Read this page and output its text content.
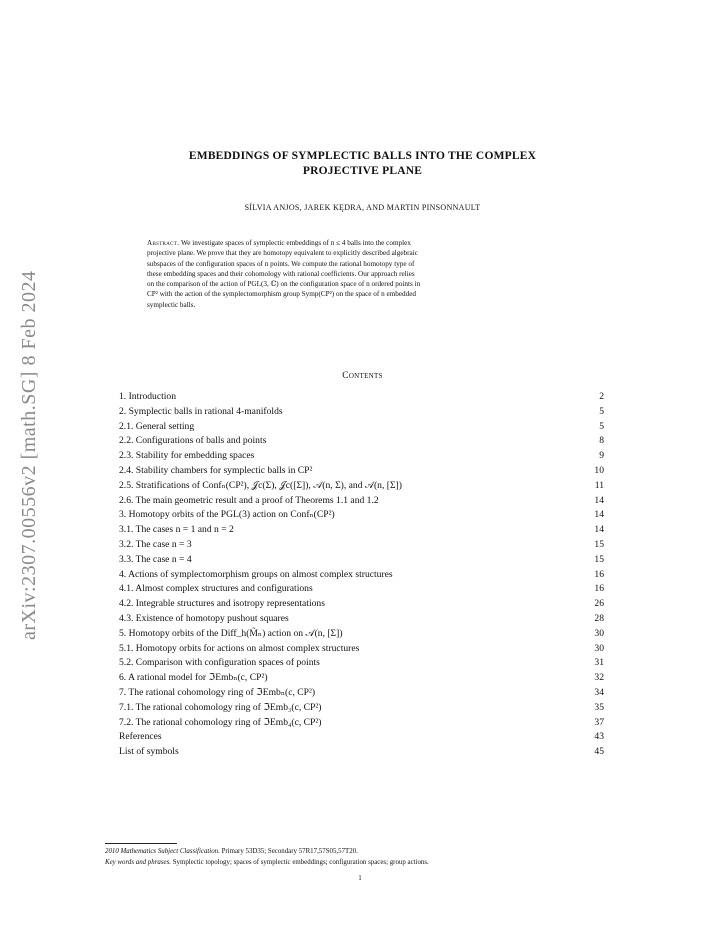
arXiv:2307.00556v2 [math.SG] 8 Feb 2024
EMBEDDINGS OF SYMPLECTIC BALLS INTO THE COMPLEX
PROJECTIVE PLANE
SÍLVIA ANJOS, JAREK KĘDRA, AND MARTIN PINSONNAULT
Abstract. We investigate spaces of symplectic embeddings of n ≤ 4 balls into the complex
projective plane. We prove that they are homotopy equivalent to explicitly described algebraic
subspaces of the configuration spaces of n points. We compute the rational homotopy type of
these embedding spaces and their cohomology with rational coefficients. Our approach relies
on the comparison of the action of PGL(3, ℂ) on the configuration space of n ordered points in
CP² with the action of the symplectomorphism group Symp(CP²) on the space of n embedded
symplectic balls.
Contents
1. Introduction	2
2. Symplectic balls in rational 4-manifolds	5
2.1. General setting	5
2.2. Configurations of balls and points	8
2.3. Stability for embedding spaces	9
2.4. Stability chambers for symplectic balls in CP²	10
2.5. Stratifications of Confₙ(CP²), 𝒥c(Σ), 𝒥c([Σ]), 𝒜(n, Σ), and 𝒜(n, [Σ])	11
2.6. The main geometric result and a proof of Theorems 1.1 and 1.2	14
3. Homotopy orbits of the PGL(3) action on Confₙ(CP²)	14
3.1. The cases n = 1 and n = 2	14
3.2. The case n = 3	15
3.3. The case n = 4	15
4. Actions of symplectomorphism groups on almost complex structures	16
4.1. Almost complex structures and configurations	16
4.2. Integrable structures and isotropy representations	26
4.3. Existence of homotopy pushout squares	28
5. Homotopy orbits of the Diff_h(M̃ₙ) action on 𝒜(n, [Σ])	30
5.1. Homotopy orbits for actions on almost complex structures	30
5.2. Comparison with configuration spaces of points	31
6. A rational model for ℑEmbₙ(c, CP²)	32
7. The rational cohomology ring of ℑEmbₙ(c, CP²)	34
7.1. The rational cohomology ring of ℑEmb₃(c, CP²)	35
7.2. The rational cohomology ring of ℑEmb₄(c, CP²)	37
References	43
List of symbols	45
2010 Mathematics Subject Classification. Primary 53D35; Secondary 57R17,57S05,57T20.
Key words and phrases. Symplectic topology; spaces of symplectic embeddings; configuration spaces; group actions.
1
